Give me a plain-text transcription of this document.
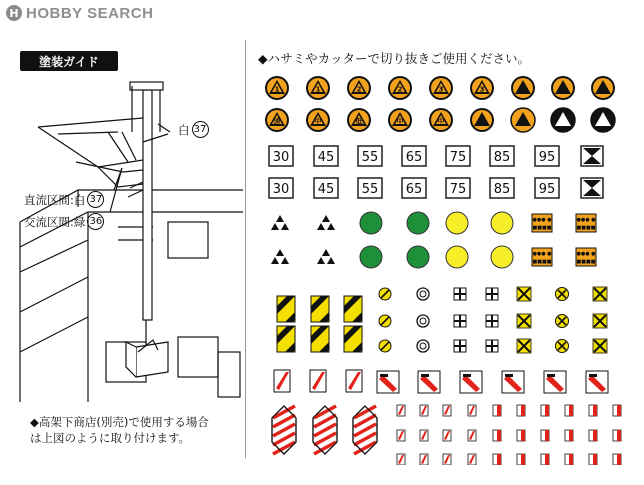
H HOBBY SEARCH
塗装ガイド	◆ハサミやカッターで切り抜きご使用ください。
白 37
直流区間:白 37
交流区間:緑 36
◆高架下商店(別売)で使用する場合
は上図のように取り付けます。
1	1	2	2	3	3
速	中	低	中	中
30 45 55 65 75 85 95
30 45 55 65 75 85 95
●●● ●
■■■■
●●● ●
■■■■
●●● ●
■■■■
●●● ●
■■■■
